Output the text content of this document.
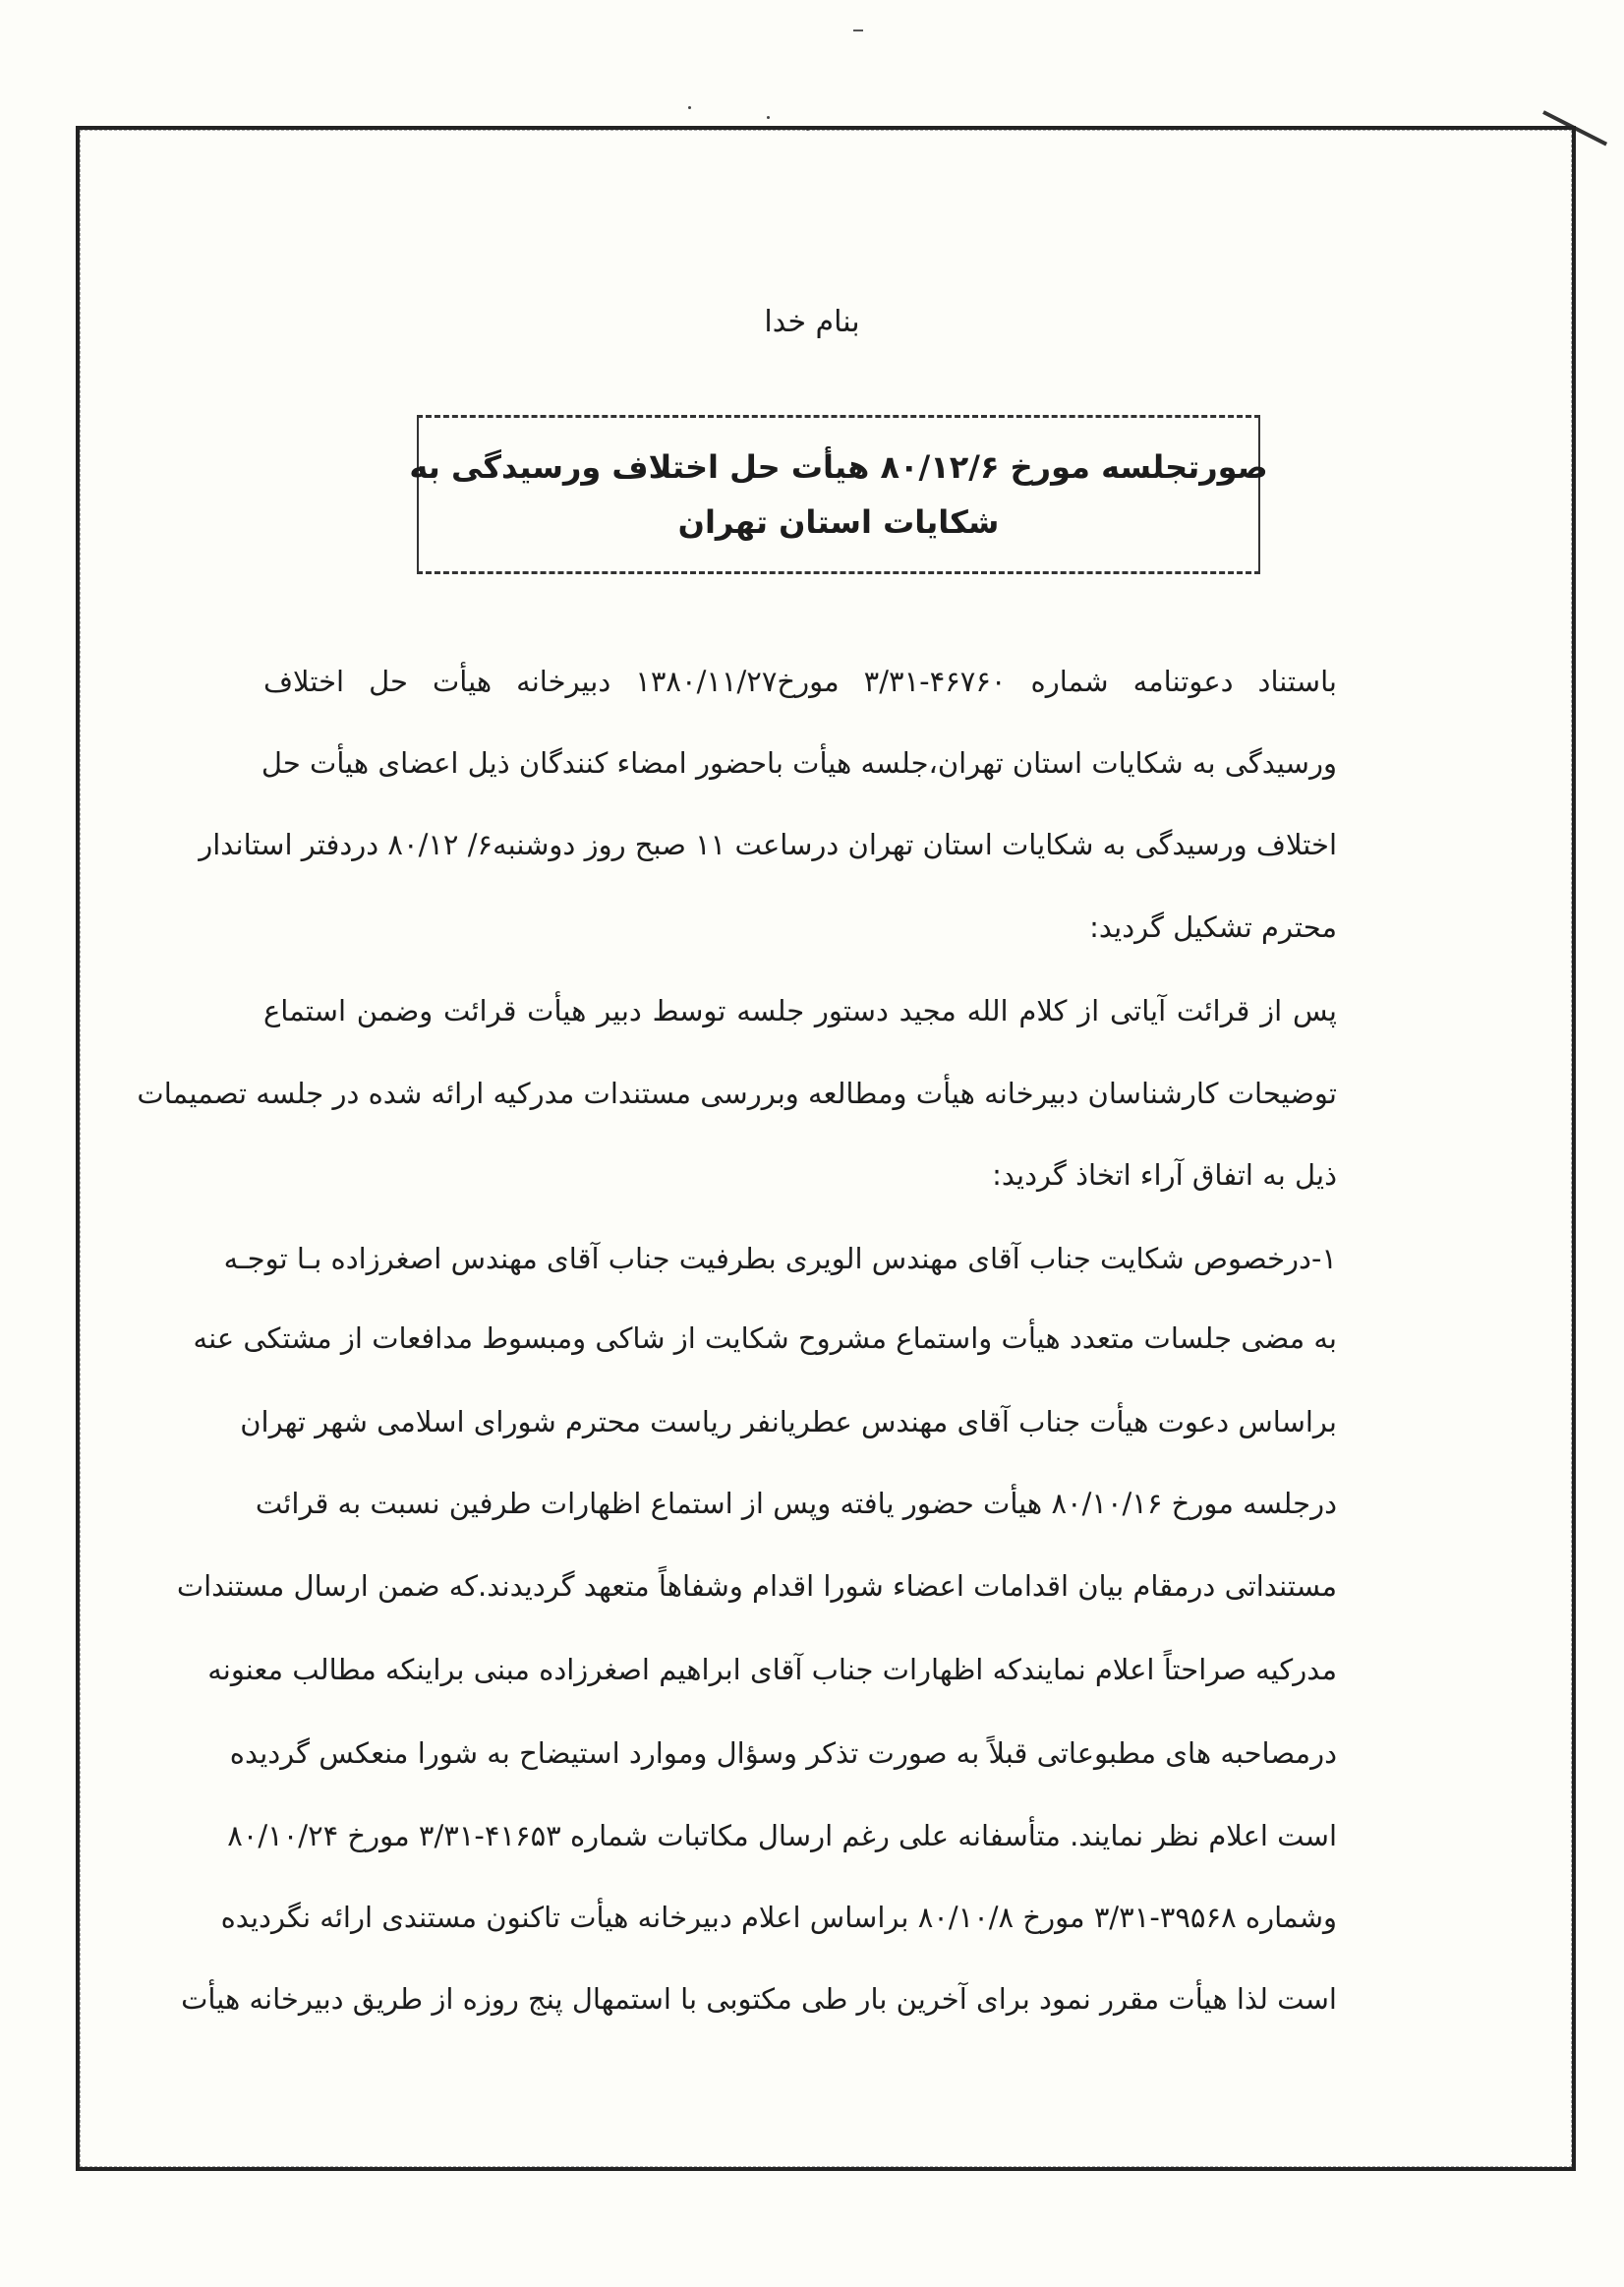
بنام خدا
صورتجلسه مورخ ۸۰/۱۲/۶ هیأت حل اختلاف ورسیدگی به
شکایات استان تهران
باستناد دعوتنامه شماره ۴۶۷۶۰-۳/۳۱ مورخ۱۳۸۰/۱۱/۲۷ دبیرخانه هیأت حل اختلاف
ورسیدگی به شکایات استان تهران،جلسه هیأت باحضور امضاء کنندگان ذیل اعضای هیأت حل
اختلاف ورسیدگی به شکایات استان تهران درساعت ۱۱ صبح روز دوشنبه۶/ ۸۰/۱۲ دردفتر استاندار
محترم تشکیل گردید:
پس از قرائت آیاتی از کلام الله مجید دستور جلسه توسط دبیر هیأت قرائت وضمن استماع
توضیحات کارشناسان دبیرخانه هیأت ومطالعه وبررسی مستندات مدرکیه ارائه شده در جلسه تصمیمات
ذیل به اتفاق آراء اتخاذ گردید:
۱-درخصوص شکایت جناب آقای مهندس الویری بطرفیت جناب آقای مهندس اصغرزاده بـا توجـه
به مضی جلسات متعدد هیأت واستماع مشروح شکایت از شاکی ومبسوط مدافعات از مشتکی عنه
براساس دعوت هیأت جناب آقای مهندس عطریانفر ریاست محترم شورای اسلامی شهر تهران
درجلسه مورخ ۸۰/۱۰/۱۶ هیأت حضور یافته وپس از استماع اظهارات طرفین نسبت به قرائت
مستنداتی درمقام بیان اقدامات اعضاء شورا اقدام وشفاهاً متعهد گردیدند.که ضمن ارسال مستندات
مدرکیه صراحتاً اعلام نمایندکه اظهارات جناب آقای ابراهیم اصغرزاده مبنی براینکه مطالب معنونه
درمصاحبه های مطبوعاتی قبلاً به صورت تذکر وسؤال وموارد استیضاح به شورا منعکس گردیده
است اعلام نظر نمایند. متأسفانه علی رغم ارسال مکاتبات شماره ۴۱۶۵۳-۳/۳۱ مورخ ۸۰/۱۰/۲۴
وشماره ۳۹۵۶۸-۳/۳۱ مورخ ۸۰/۱۰/۸ براساس اعلام دبیرخانه هیأت تاکنون مستندی ارائه نگردیده
است لذا هیأت مقرر نمود برای آخرین بار طی مکتوبی با استمهال پنج روزه از طریق دبیرخانه هیأت
